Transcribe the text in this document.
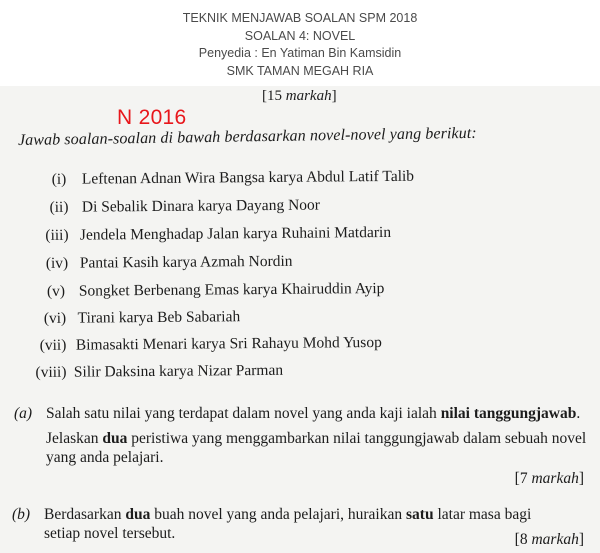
TEKNIK MENJAWAB SOALAN SPM 2018
SOALAN 4: NOVEL
Penyedia : En Yatiman Bin Kamsidin
SMK TAMAN MEGAH RIA
[15 markah]
N 2016
Jawab soalan-soalan di bawah berdasarkan novel-novel yang berikut:
(i) Leftenan Adnan Wira Bangsa karya Abdul Latif Talib
(ii) Di Sebalik Dinara karya Dayang Noor
(iii) Jendela Menghadap Jalan karya Ruhaini Matdarin
(iv) Pantai Kasih karya Azmah Nordin
(v) Songket Berbenang Emas karya Khairuddin Ayip
(vi) Tirani karya Beb Sabariah
(vii) Bimasakti Menari karya Sri Rahayu Mohd Yusop
(viii) Silir Daksina karya Nizar Parman
(a) Salah satu nilai yang terdapat dalam novel yang anda kaji ialah nilai tanggungjawab.
Jelaskan dua peristiwa yang menggambarkan nilai tanggungjawab dalam sebuah novel
yang anda pelajari.
[7 markah]
(b) Berdasarkan dua buah novel yang anda pelajari, huraikan satu latar masa bagi
setiap novel tersebut.	[8 markah]
